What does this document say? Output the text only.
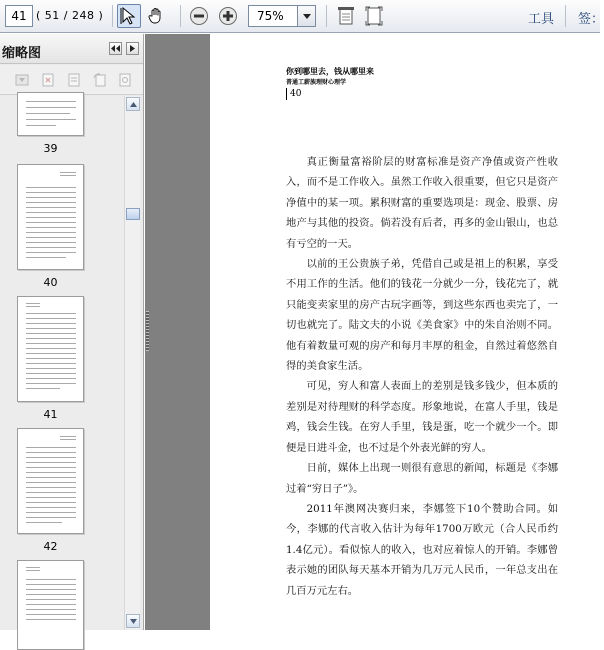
41 ( 51 / 248 )	75%	工具 签：
缩略图
39
40
41
42
你到哪里去，钱从哪里来
普通工薪族理财心理学
40

真正衡量富裕阶层的财富标准是资产净值或资产性收入，而不是工作收入。虽然工作收入很重要，但它只是资产净值中的某一项。累积财富的重要选项是：现金、股票、房地产与其他的投资。倘若没有后者，再多的金山银山，也总有亏空的一天。

以前的王公贵族子弟，凭借自己或是祖上的积累，享受不用工作的生活。他们的钱花一分就少一分，钱花完了，就只能变卖家里的房产古玩字画等，到这些东西也卖完了，一切也就完了。陆文夫的小说《美食家》中的朱自治则不同。他有着数量可观的房产和每月丰厚的租金，自然过着悠然自得的美食家生活。

可见，穷人和富人表面上的差别是钱多钱少，但本质的差别是对待理财的科学态度。形象地说，在富人手里，钱是鸡，钱会生钱。在穷人手里，钱是蛋，吃一个就少一个。即便是日进斗金，也不过是个外表光鲜的穷人。

日前，媒体上出现一则很有意思的新闻，标题是《李娜过着“穷日子”》。

2011年澳网决赛归来，李娜签下10个赞助合同。如今，李娜的代言收入估计为每年1700万欧元（合人民币约1.4亿元）。看似惊人的收入，也对应着惊人的开销。李娜曾表示她的团队每天基本开销为几万元人民币，一年总支出在几百万元左右。
